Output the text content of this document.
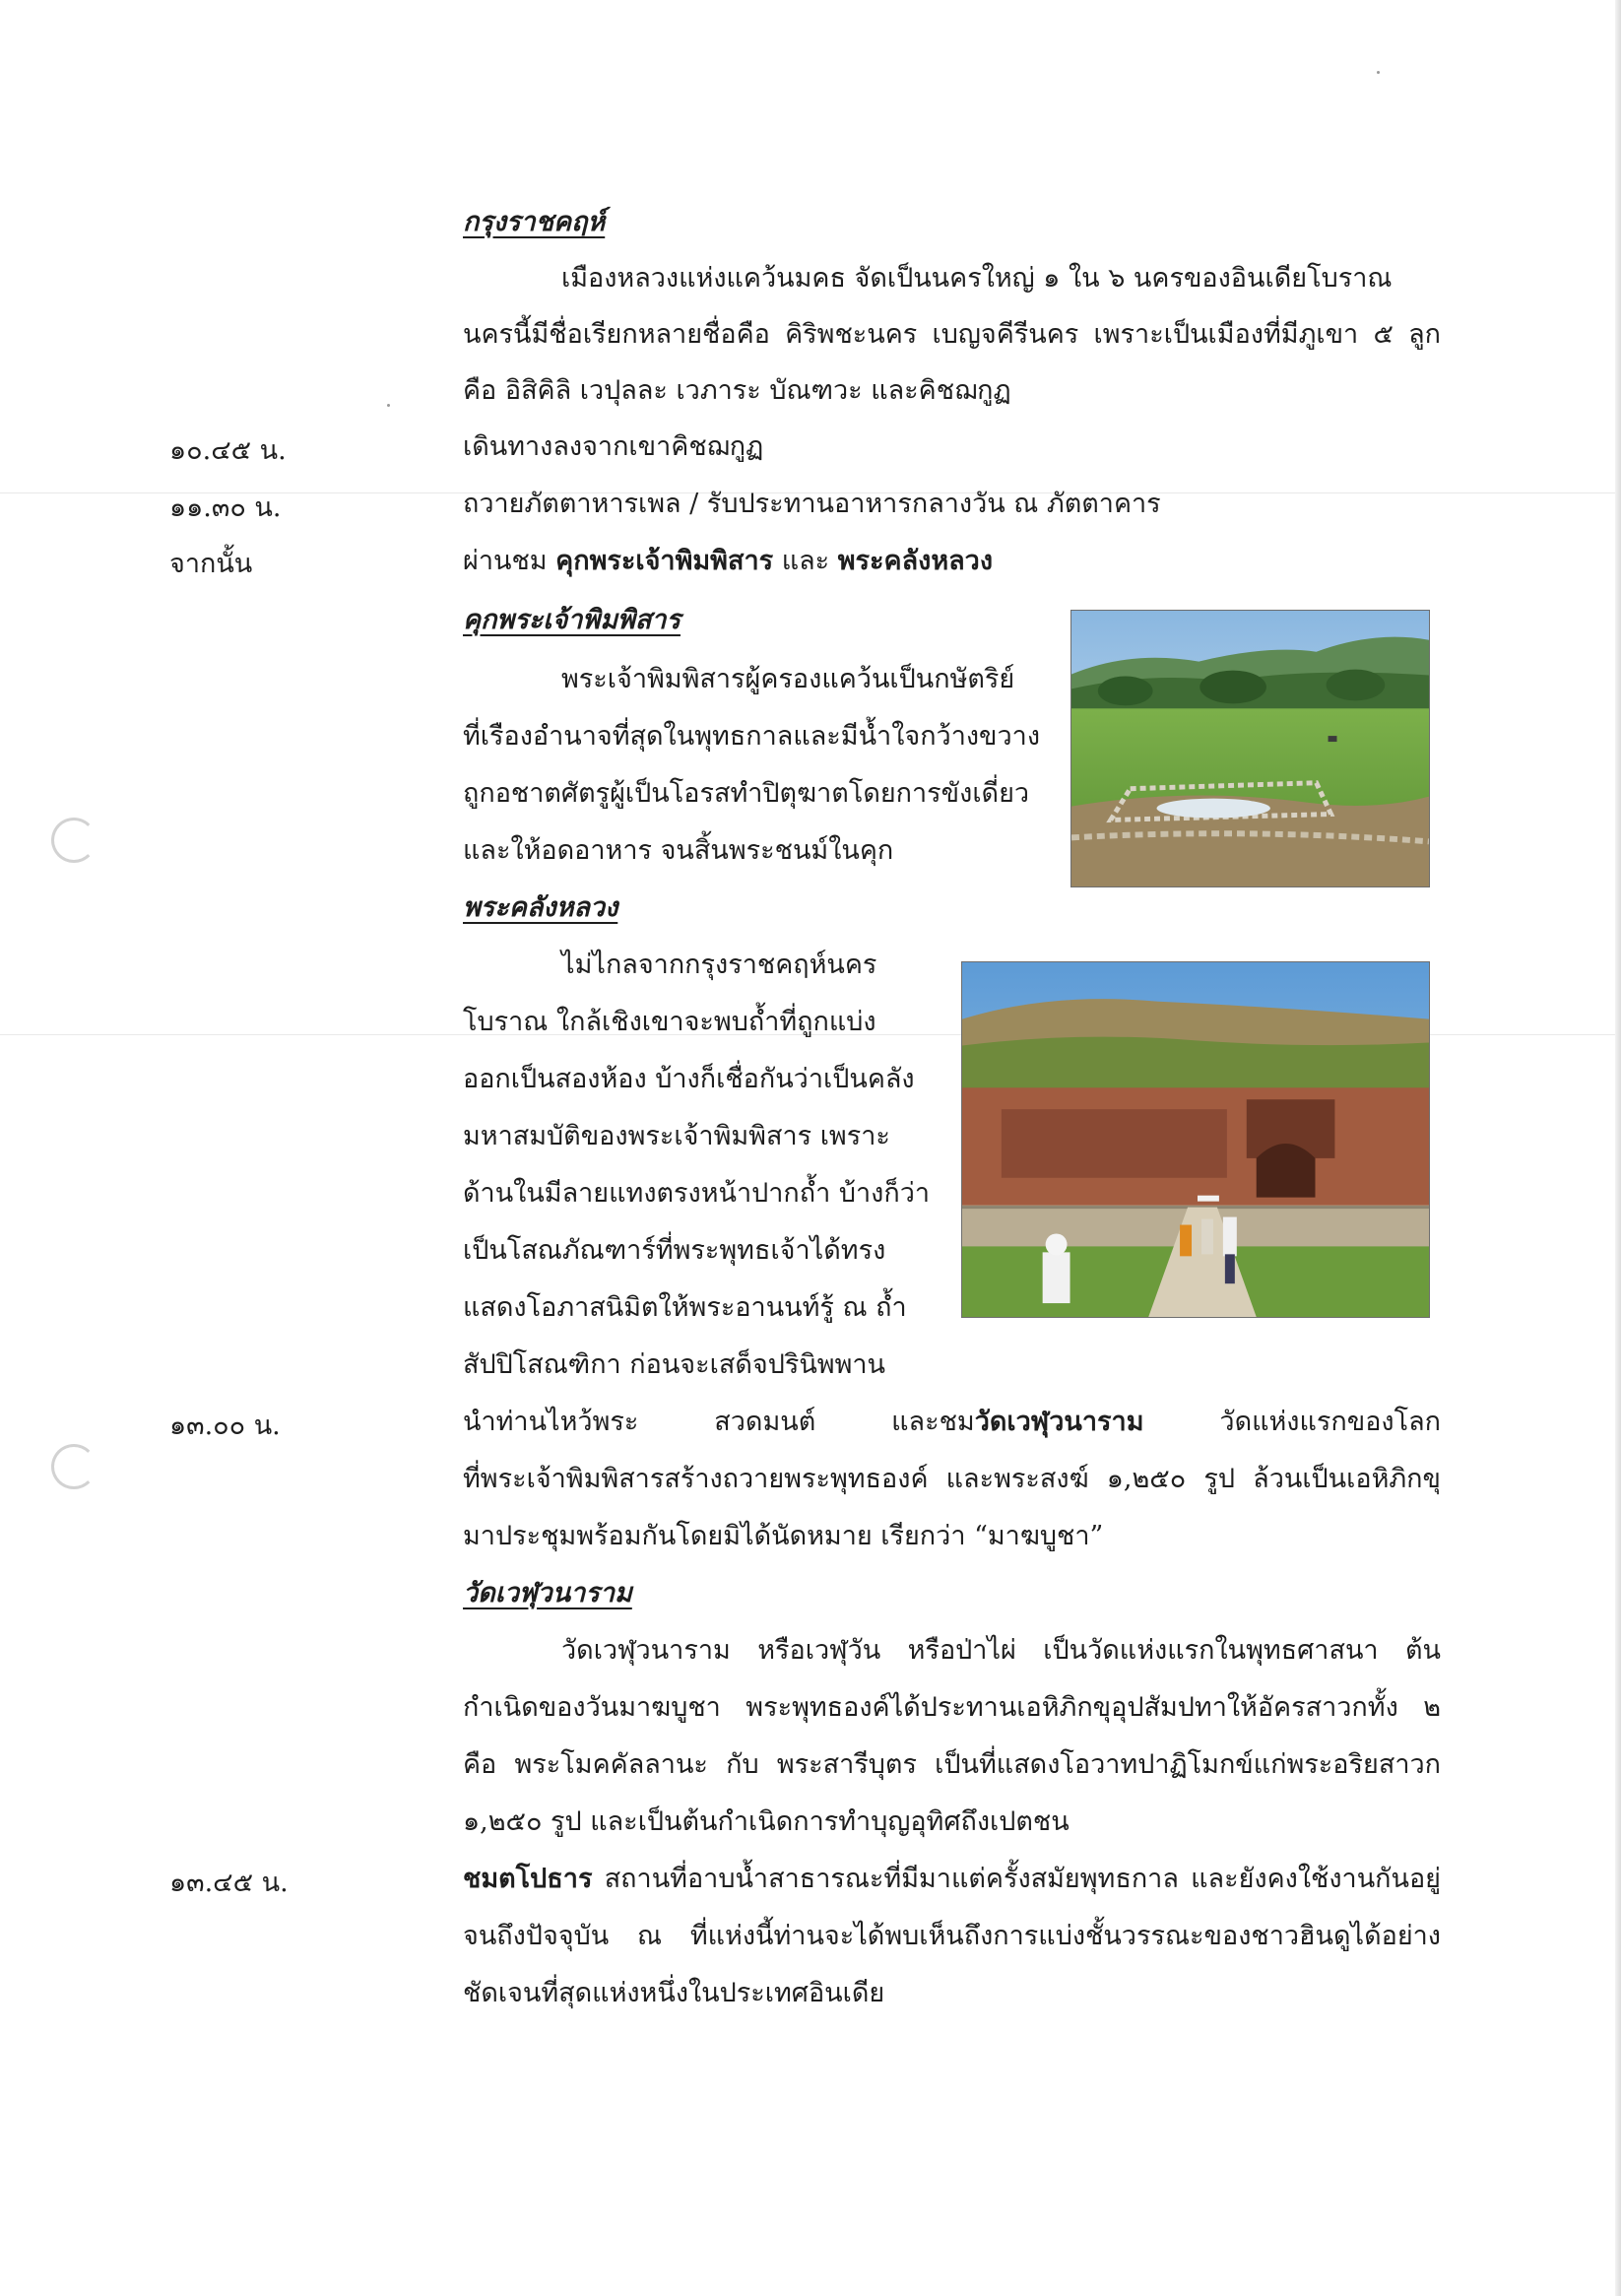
กรุงราชคฤห์
เมืองหลวงแห่งแคว้นมคธ จัดเป็นนครใหญ่ ๑ ใน ๖ นครของอินเดียโบราณ
นครนี้มีชื่อเรียกหลายชื่อคือ คิริพชะนคร เบญจคีรีนคร เพราะเป็นเมืองที่มีภูเขา ๕ ลูก
คือ อิสิคิลิ เวปุลละ เวภาระ บัณฑวะ และคิชฌกูฏ
๑๐.๔๕ น.	เดินทางลงจากเขาคิชฌกูฏ
๑๑.๓๐ น.	ถวายภัตตาหารเพล / รับประทานอาหารกลางวัน ณ ภัตตาคาร
จากนั้น	ผ่านชม คุกพระเจ้าพิมพิสาร และ พระคลังหลวง
คุกพระเจ้าพิมพิสาร
พระเจ้าพิมพิสารผู้ครองแคว้นเป็นกษัตริย์
ที่เรืองอำนาจที่สุดในพุทธกาลและมีน้ำใจกว้างขวาง
ถูกอชาตศัตรูผู้เป็นโอรสทำปิตุฆาตโดยการขังเดี่ยว
และให้อดอาหาร จนสิ้นพระชนม์ในคุก
พระคลังหลวง
ไม่ไกลจากกรุงราชคฤห์นคร
โบราณ ใกล้เชิงเขาจะพบถ้ำที่ถูกแบ่ง
ออกเป็นสองห้อง บ้างก็เชื่อกันว่าเป็นคลัง
มหาสมบัติของพระเจ้าพิมพิสาร เพราะ
ด้านในมีลายแทงตรงหน้าปากถ้ำ บ้างก็ว่า
เป็นโสณภัณฑาร์ที่พระพุทธเจ้าได้ทรง
แสดงโอภาสนิมิตให้พระอานนท์รู้ ณ ถ้ำ
สัปปิโสณฑิกา ก่อนจะเสด็จปรินิพพาน
๑๓.๐๐ น.	นำท่านไหว้พระ สวดมนต์ และชมวัดเวฬุวนาราม วัดแห่งแรกของโลก
ที่พระเจ้าพิมพิสารสร้างถวายพระพุทธองค์ และพระสงฆ์ ๑,๒๕๐ รูป ล้วนเป็นเอหิภิกขุ
มาประชุมพร้อมกันโดยมิได้นัดหมาย เรียกว่า “มาฆบูชา”
วัดเวฬุวนาราม
วัดเวฬุวนาราม หรือเวฬุวัน หรือป่าไผ่ เป็นวัดแห่งแรกในพุทธศาสนา ต้น
กำเนิดของวันมาฆบูชา พระพุทธองค์ได้ประทานเอหิภิกขุอุปสัมปทาให้อัครสาวกทั้ง ๒
คือ พระโมคคัลลานะ กับ พระสารีบุตร เป็นที่แสดงโอวาทปาฏิโมกข์แก่พระอริยสาวก
๑,๒๕๐ รูป และเป็นต้นกำเนิดการทำบุญอุทิศถึงเปตชน
๑๓.๔๕ น.	ชมตโปธาร สถานที่อาบน้ำสาธารณะที่มีมาแต่ครั้งสมัยพุทธกาล และยังคงใช้งานกันอยู่
จนถึงปัจจุบัน ณ ที่แห่งนี้ท่านจะได้พบเห็นถึงการแบ่งชั้นวรรณะของชาวฮินดูได้อย่าง
ชัดเจนที่สุดแห่งหนึ่งในประเทศอินเดีย
